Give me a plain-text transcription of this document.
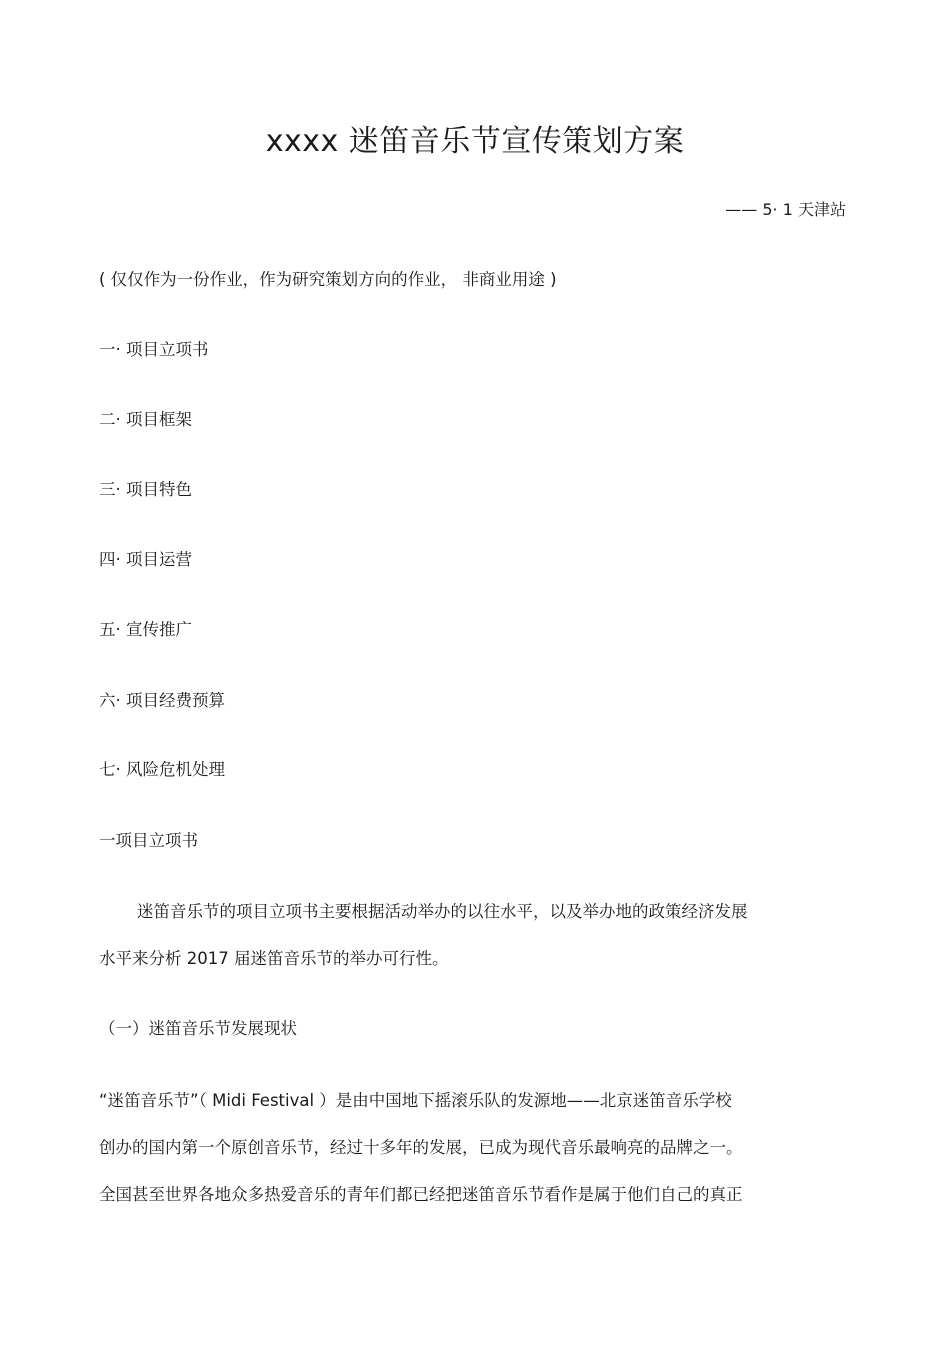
xxxx 迷笛音乐节宣传策划方案
—— 5· 1 天津站
( 仅仅作为一份作业，作为研究策划方向的作业， 非商业用途 )
一· 项目立项书
二· 项目框架
三· 项目特色
四· 项目运营
五· 宣传推广
六· 项目经费预算
七· 风险危机处理
一项目立项书
迷笛音乐节的项目立项书主要根据活动举办的以往水平，以及举办地的政策经济发展
水平来分析 2017 届迷笛音乐节的举办可行性。
（一）迷笛音乐节发展现状
“迷笛音乐节”（ Midi Festival ）是由中国地下摇滚乐队的发源地——北京迷笛音乐学校
创办的国内第一个原创音乐节，经过十多年的发展，已成为现代音乐最响亮的品牌之一。
全国甚至世界各地众多热爱音乐的青年们都已经把迷笛音乐节看作是属于他们自己的真正
